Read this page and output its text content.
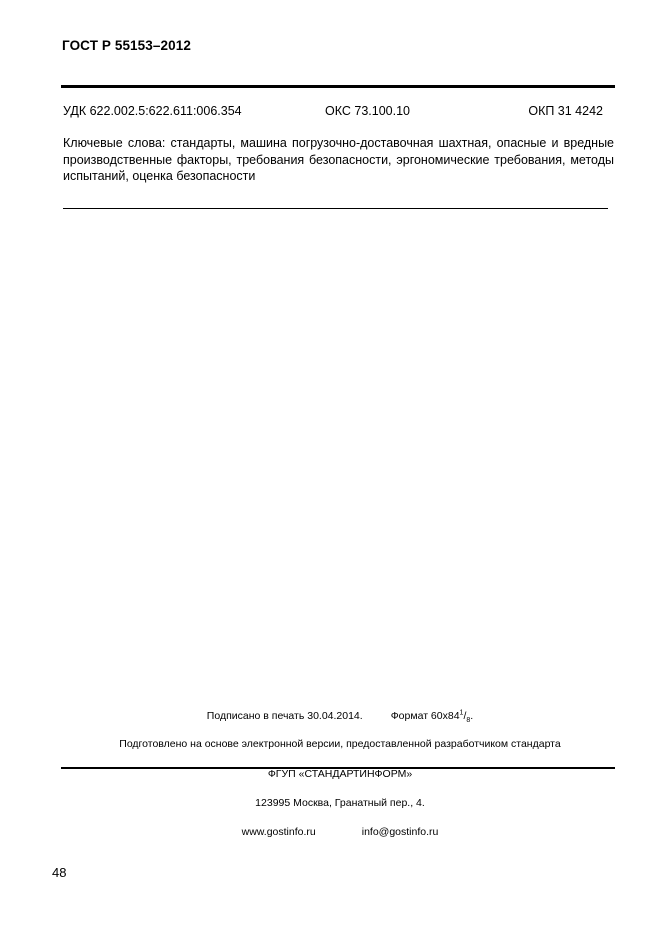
ГОСТ Р 55153–2012
УДК 622.002.5:622.611:006.354	ОКС 73.100.10	ОКП 31 4242
Ключевые слова: стандарты, машина погрузочно-доставочная шахтная, опасные и вредные производственные факторы, требования безопасности, эргономические требования, методы испытаний, оценка безопасности
Подписано в печать 30.04.2014.	Формат $60x84^1/_8$.
Подготовлено на основе электронной версии, предоставленной разработчиком стандарта
ФГУП «СТАНДАРТИНФОРМ»
123995 Москва, Гранатный пер., 4.
www.gostinfo.ru	info@gostinfo.ru
48
